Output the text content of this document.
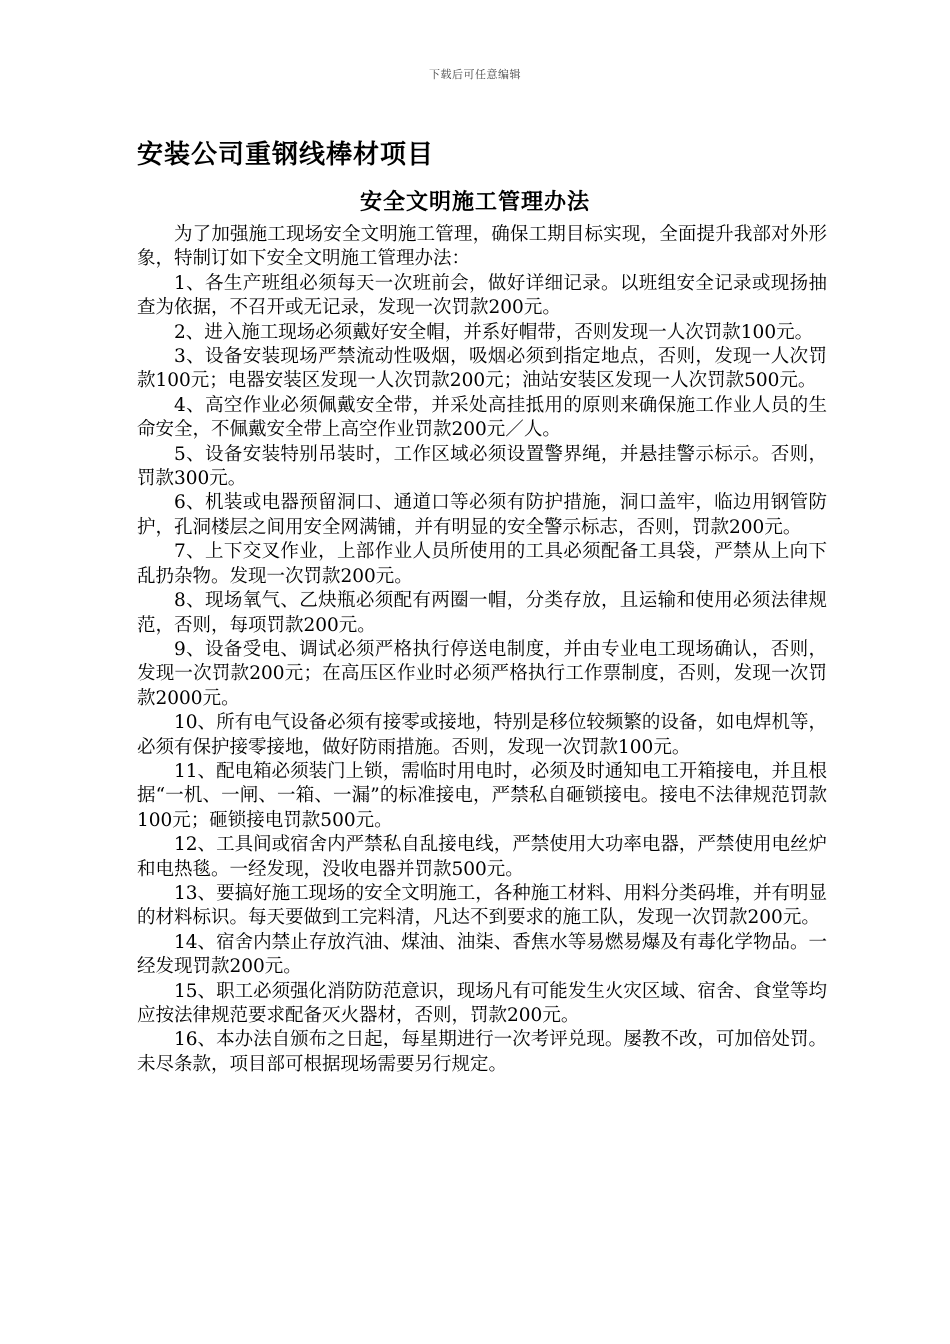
下载后可任意编辑
安装公司重钢线棒材项目
安全文明施工管理办法

为了加强施工现场安全文明施工管理，确保工期目标实现，全面提升我部对外形象，特制订如下安全文明施工管理办法：

1、各生产班组必须每天一次班前会，做好详细记录。以班组安全记录或现扬抽查为依据，不召开或无记录，发现一次罚款200元。

2、进入施工现场必须戴好安全帽，并系好帽带，否则发现一人次罚款100元。

3、设备安装现场严禁流动性吸烟，吸烟必须到指定地点，否则，发现一人次罚款100元；电器安装区发现一人次罚款200元；油站安装区发现一人次罚款500元。

4、高空作业必须佩戴安全带，并采处高挂抵用的原则来确保施工作业人员的生命安全，不佩戴安全带上高空作业罚款200元／人。

5、设备安装特别吊装时，工作区域必须设置警界绳，并悬挂警示标示。否则，罚款300元。

6、机装或电器预留洞口、通道口等必须有防护措施，洞口盖牢，临边用钢管防护，孔洞楼层之间用安全网满铺，并有明显的安全警示标志，否则，罚款200元。

7、上下交叉作业，上部作业人员所使用的工具必须配备工具袋，严禁从上向下乱扔杂物。发现一次罚款200元。

8、现场氧气、乙炔瓶必须配有两圈一帽，分类存放，且运输和使用必须法律规范，否则，每项罚款200元。

9、设备受电、调试必须严格执行停送电制度，并由专业电工现场确认，否则，发现一次罚款200元；在高压区作业时必须严格执行工作票制度，否则，发现一次罚款2000元。

10、所有电气设备必须有接零或接地，特别是移位较频繁的设备，如电焊机等，必须有保护接零接地，做好防雨措施。否则，发现一次罚款100元。

11、配电箱必须装门上锁，需临时用电时，必须及时通知电工开箱接电，并且根据“一机、一闸、一箱、一漏”的标准接电，严禁私自砸锁接电。接电不法律规范罚款100元；砸锁接电罚款500元。

12、工具间或宿舍内严禁私自乱接电线，严禁使用大功率电器，严禁使用电丝炉和电热毯。一经发现，没收电器并罚款500元。

13、要搞好施工现场的安全文明施工，各种施工材料、用料分类码堆，并有明显的材料标识。每天要做到工完料清，凡达不到要求的施工队，发现一次罚款200元。

14、宿舍内禁止存放汽油、煤油、油柒、香焦水等易燃易爆及有毒化学物品。一经发现罚款200元。

15、职工必须强化消防防范意识，现场凡有可能发生火灾区域、宿舍、食堂等均应按法律规范要求配备灭火器材，否则，罚款200元。

16、本办法自颁布之日起，每星期进行一次考评兑现。屡教不改，可加倍处罚。未尽条款，项目部可根据现场需要另行规定。
